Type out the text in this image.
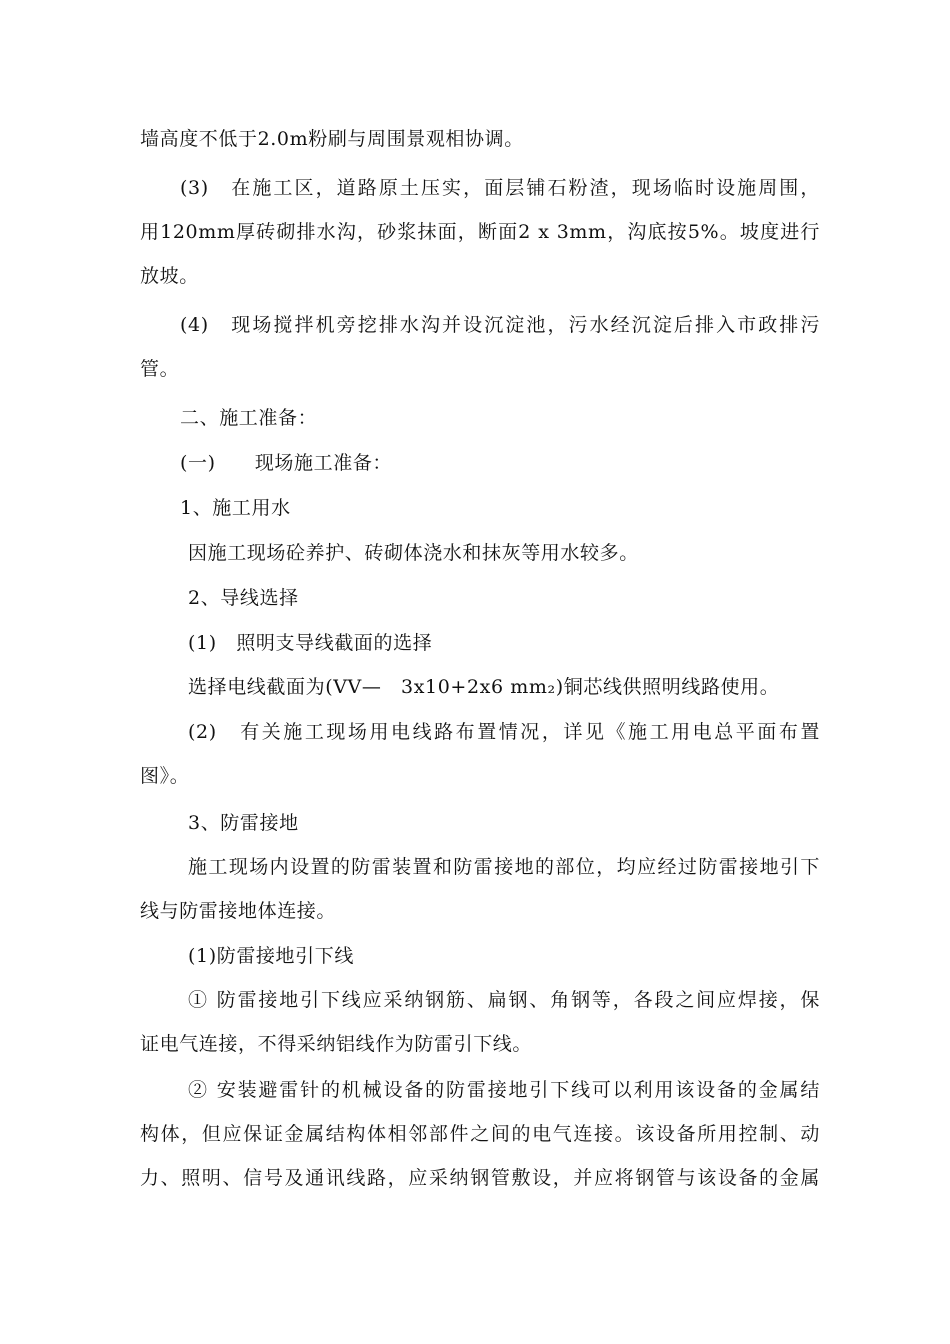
墙高度不低于2.0m粉刷与周围景观相协调。
(3)　在施工区，道路原土压实，面层铺石粉渣，现场临时设施周围，
用120mm厚砖砌排水沟，砂浆抹面，断面2 x 3mm，沟底按5%。坡度进行
放坡。
(4)　现场搅拌机旁挖排水沟并设沉淀池，污水经沉淀后排入市政排污
管。
二、施工准备：
(一)　　现场施工准备：
1、施工用水
因施工现场砼养护、砖砌体浇水和抹灰等用水较多。
2、导线选择
(1)　照明支导线截面的选择
选择电线截面为(VV—　3x10+2x6 mm₂)铜芯线供照明线路使用。
(2)　有关施工现场用电线路布置情况，详见《施工用电总平面布置
图》。
3、防雷接地
施工现场内设置的防雷装置和防雷接地的部位，均应经过防雷接地引下
线与防雷接地体连接。
(1)防雷接地引下线
① 防雷接地引下线应采纳钢筋、扁钢、角钢等，各段之间应焊接，保
证电气连接，不得采纳铝线作为防雷引下线。
② 安装避雷针的机械设备的防雷接地引下线可以利用该设备的金属结
构体，但应保证金属结构体相邻部件之间的电气连接。该设备所用控制、动
力、照明、信号及通讯线路，应采纳钢管敷设，并应将钢管与该设备的金属
